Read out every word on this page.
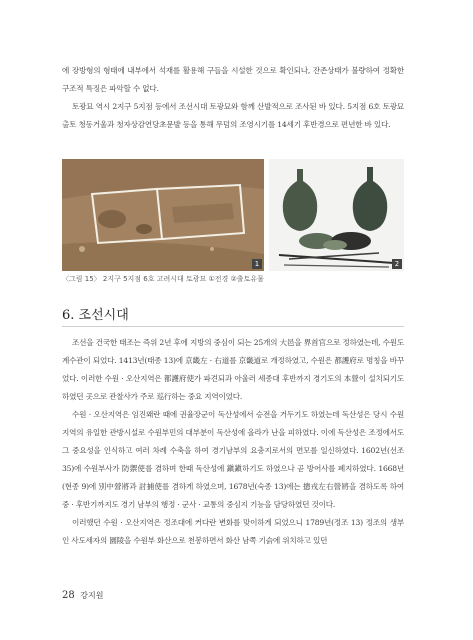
에 장방형의 형태에 내부에서 석재를 활용해 구들을 시설한 것으로 확인되나, 잔존상태가 불량하여 정확한 구조적 특징은 파악할 수 없다.

토광묘 역시 2지구 5지점 등에서 조선시대 토광묘와 함께 산발적으로 조사된 바 있다. 5지점 6호 토광묘 출토 청동거울과 청자상감연당초문발 등을 통해 무덤의 조영시기를 14세기 후반경으로 편년한 바 있다.

1	2
〈그림 15〉 2지구 5지점 6호 고려시대 토광묘 ①전경 ②출토유물
6. 조선시대

조선을 건국한 태조는 즉위 2년 후에 지방의 중심이 되는 25개의 大邑을 界首官으로 정하였는데, 수원도 계수관이 되었다. 1413년(태종 13)에 京畿左 · 右道를 京畿道로 개정하였고, 수원은 都護府로 명칭을 바꾸었다. 이러한 수원 · 오산지역은 都護府使가 파견되과 아울러 세종대 후반까지 경기도의 本營이 설치되기도 하였던 곳으로 관찰사가 주로 巡行하는 중요 지역이었다.

수원 · 오산지역은 임진왜란 때에 권율장군이 독산성에서 승전을 거두기도 하였는데 독산성은 당시 수원지역의 유일한 관방시설로 수원부민의 대부분이 독산성에 올라가 난을 피하였다. 이에 독산성은 조정에서도 그 중요성을 인식하고 여러 차례 수축을 하여 경기남부의 요충지로서의 면모를 일신하였다. 1602년(선조 35)에 수원부사가 防禦使를 겸하며 한때 독산성에 鎭鎭하기도 하였으나 곧 방어사를 폐지하였다. 1668년(현종 9)에 別中營將과 討捕使를 겸하게 하였으며, 1678년(숙종 13)에는 摠戎左右營將을 겸하도록 하여 중 · 후반기까지도 경기 남부의 행정 · 군사 · 교통의 중심지 기능을 담당하였던 것이다.

이러했던 수원 · 오산지역은 정조대에 커다란 변화를 맞이하게 되었으니 1789년(정조 13) 정조의 생부인 사도세자의 園陵을 수원부 화산으로 천봉하면서 화산 남쪽 기슭에 위치하고 있던

28 강지원
